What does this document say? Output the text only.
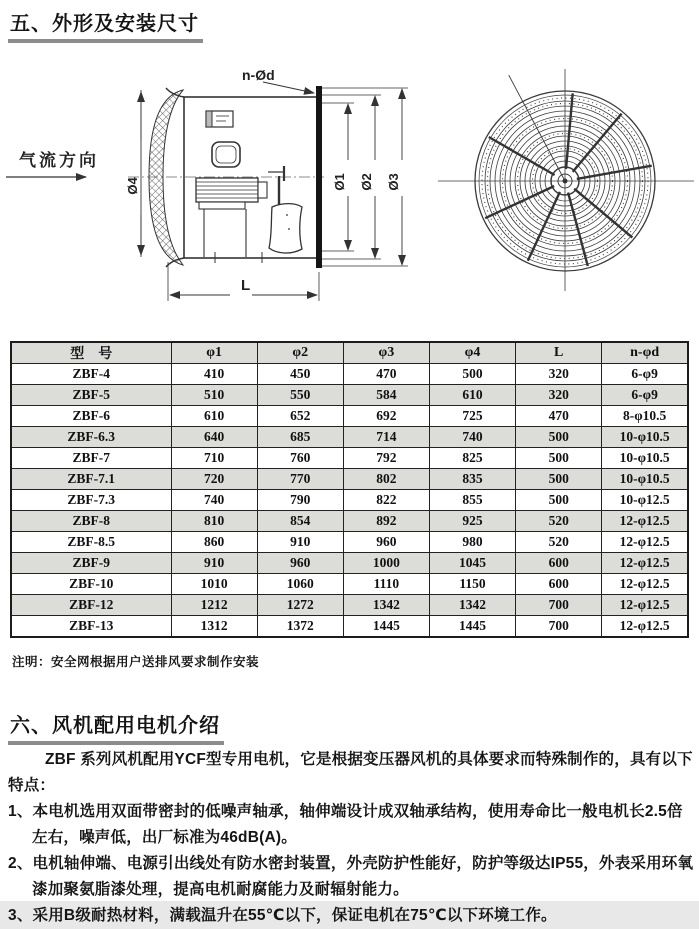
五、外形及安装尺寸
气流方向
n-Ød
Ø4	Ø1 Ø2 Ø3
L
型　号	φ1	φ2	φ3	φ4	L	n-φd
ZBF-4	410	450	470	500	320	6-φ9
ZBF-5	510	550	584	610	320	6-φ9
ZBF-6	610	652	692	725	470	8-φ10.5
ZBF-6.3	640	685	714	740	500	10-φ10.5
ZBF-7	710	760	792	825	500	10-φ10.5
ZBF-7.1	720	770	802	835	500	10-φ10.5
ZBF-7.3	740	790	822	855	500	10-φ12.5
ZBF-8	810	854	892	925	520	12-φ12.5
ZBF-8.5	860	910	960	980	520	12-φ12.5
ZBF-9	910	960	1000	1045	600	12-φ12.5
ZBF-10	1010	1060	1110	1150	600	12-φ12.5
ZBF-12	1212	1272	1342	1342	700	12-φ12.5
ZBF-13	1312	1372	1445	1445	700	12-φ12.5
注明：安全网根据用户送排风要求制作安装
六、风机配用电机介绍

ZBF 系列风机配用YCF型专用电机，它是根据变压器风机的具体要求而特殊制作的，具有以下特点：

1、本电机选用双面带密封的低噪声轴承，轴伸端设计成双轴承结构，使用寿命比一般电机长2.5倍左右，噪声低，出厂标准为46dB(A)。

2、电机轴伸端、电源引出线处有防水密封装置，外壳防护性能好，防护等级达IP55，外表采用环氧漆加聚氨脂漆处理，提高电机耐腐能力及耐辐射能力。

3、采用B级耐热材料，满载温升在55℃以下，保证电机在75℃以下环境工作。
